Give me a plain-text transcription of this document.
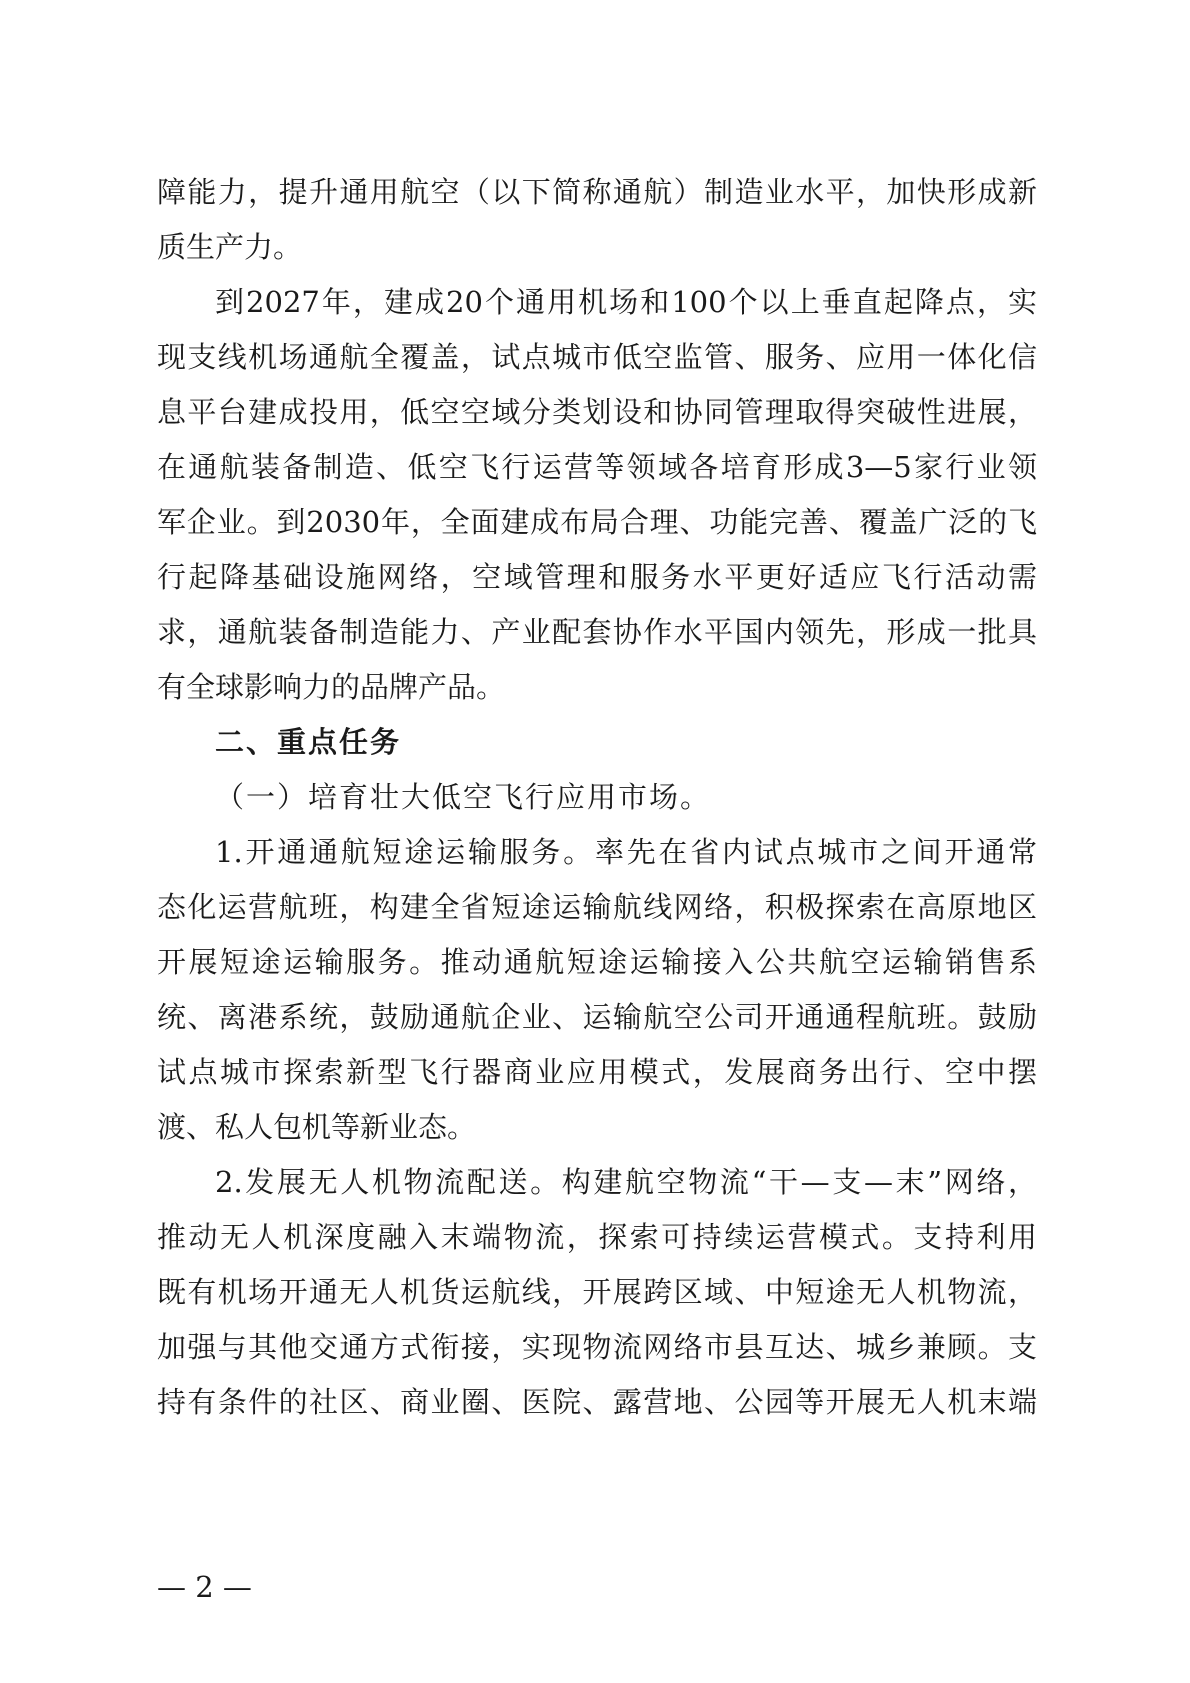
障能力，提升通用航空（以下简称通航）制造业水平，加快形成新
质生产力。
到2027年，建成20个通用机场和100个以上垂直起降点，实
现支线机场通航全覆盖，试点城市低空监管、服务、应用一体化信
息平台建成投用，低空空域分类划设和协同管理取得突破性进展，
在通航装备制造、低空飞行运营等领域各培育形成3—5家行业领
军企业。到2030年，全面建成布局合理、功能完善、覆盖广泛的飞
行起降基础设施网络，空域管理和服务水平更好适应飞行活动需
求，通航装备制造能力、产业配套协作水平国内领先，形成一批具
有全球影响力的品牌产品。
二、重点任务
（一）培育壮大低空飞行应用市场。
1.开通通航短途运输服务。率先在省内试点城市之间开通常
态化运营航班，构建全省短途运输航线网络，积极探索在高原地区
开展短途运输服务。推动通航短途运输接入公共航空运输销售系
统、离港系统，鼓励通航企业、运输航空公司开通通程航班。鼓励
试点城市探索新型飞行器商业应用模式，发展商务出行、空中摆
渡、私人包机等新业态。
2.发展无人机物流配送。构建航空物流“干—支—末”网络，
推动无人机深度融入末端物流，探索可持续运营模式。支持利用
既有机场开通无人机货运航线，开展跨区域、中短途无人机物流，
加强与其他交通方式衔接，实现物流网络市县互达、城乡兼顾。支
持有条件的社区、商业圈、医院、露营地、公园等开展无人机末端
— 2 —
